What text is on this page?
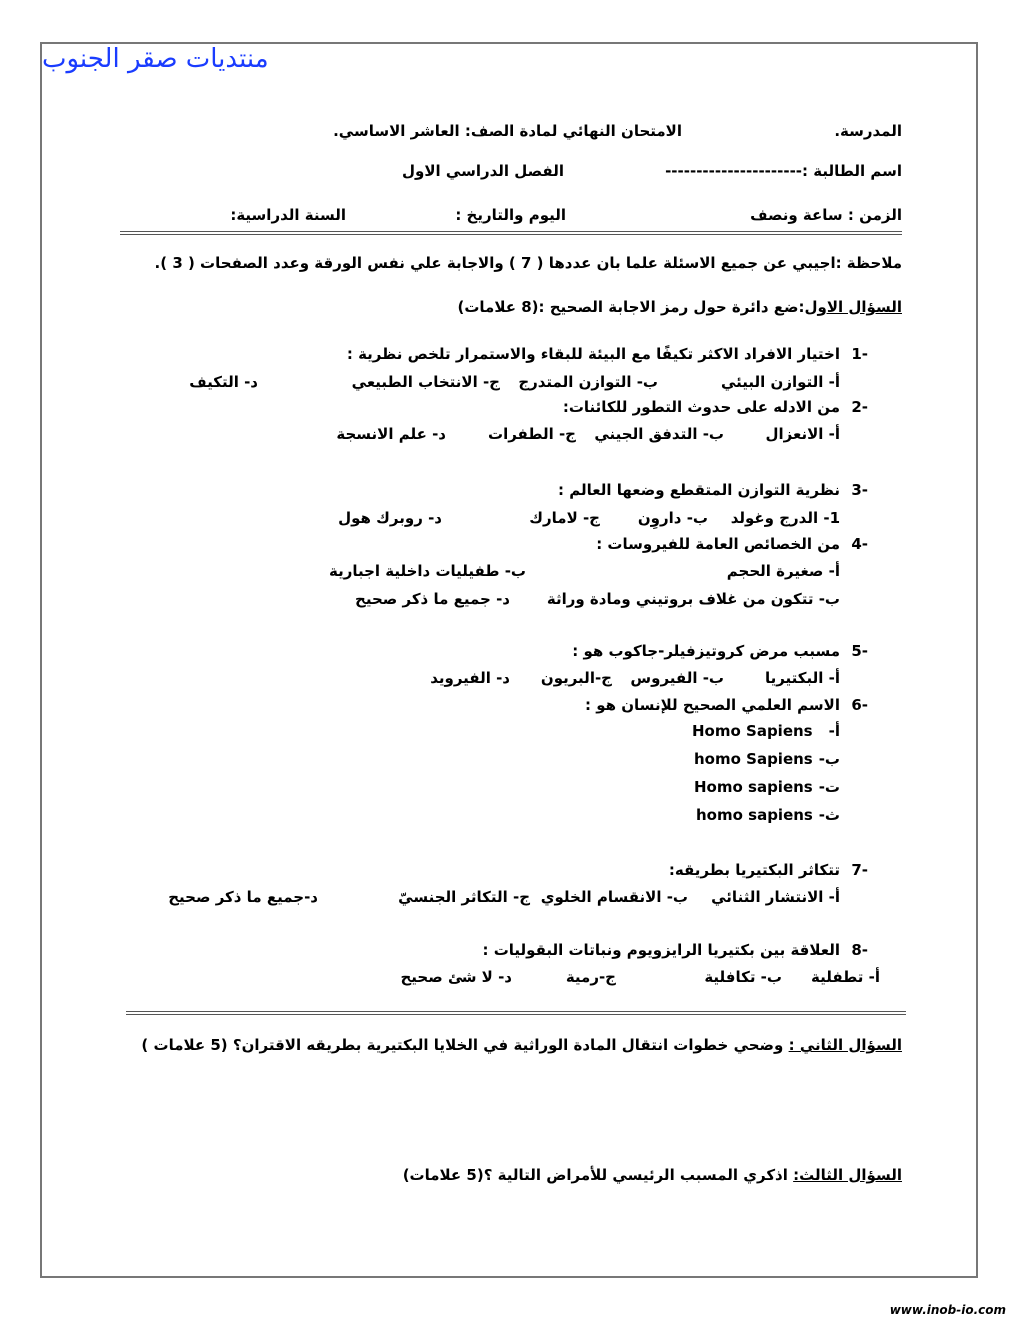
منتديات صقر الجنوب
المدرسة.
الامتحان النهائي لمادة الصف: العاشر الاساسي.
اسم الطالبة :----------------------
الفصل الدراسي الاول
الزمن : ساعة ونصف
اليوم والتاريخ :
السنة الدراسية:
ملاحظة :اجيبي عن جميع الاسئلة علما بان عددها ( 7 ) والاجابة علي نفس الورقة وعدد الصفحات ( 3 ).
السؤال الاول:ضع دائرة حول رمز الاجابة الصحيح :(8 علامات)
1-
اختيار الافراد الاكثر تكيفًا مع البيئة للبقاء والاستمرار تلخص نظرية :
أ- التوازن البيئي
ب- التوازن المتدرج
ج- الانتخاب الطبيعي
د- التكيف
2-
من الادله على حدوث التطور للكائنات:
أ- الانعزال
ب- التدفق الجيني
ج- الطفرات
د- علم الانسجة
3-
نظرية التوازن المتقطع وضعها العالم :
1- الدرج وغولد
ب- داروِن
ج- لامارك
د- روبرك هول
4-
من الخصائص العامة للفيروسات :
أ- صغيرة الحجم
ب- طفيليات داخلية اجبارية
ب- تتكون من غلاف بروتيني ومادة وراثة
د- جميع ما ذكر صحيح
5-
مسبب مرض كروتيزفيلر-جاكوب هو :
أ- البكتيريا
ب- الفيروس
ج-البريون
د- الفيرويد
6-
الاسم العلمي الصحيح للإنسان هو :
أ-
Homo Sapiens
ب-
homo Sapiens
ت-
Homo sapiens
ث-
homo sapiens
7-
تتكاثر البكتيريا بطريقه:
أ- الانتشار الثنائي
ب- الانقسام الخلوي
ج- التكاثر الجنسيّ
د-جميع ما ذكر صحيح
8-
العلاقة بين بكتيريا الرايزويوم ونباتات البقوليات :
أ- تطفلية
ب- تكافلية
ج-رمية
د- لا شئ صحيح
السؤال الثاني : وضحي خطوات انتقال المادة الوراثية في الخلايا البكتيرية بطريقه الاقتران؟ (5 علامات )
السؤال الثالث: اذكري المسبب الرئيسي للأمراض التالية ؟(5 علامات)
www.inob-io.com
